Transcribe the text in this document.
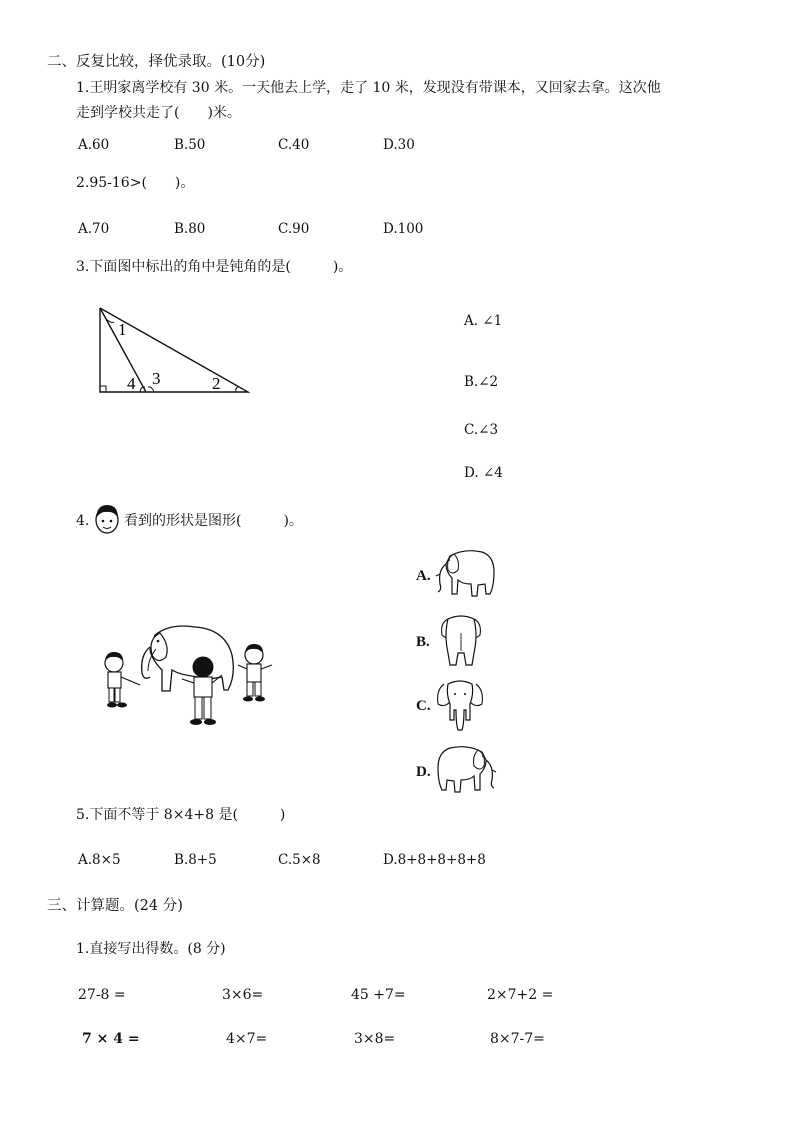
二、反复比较，择优录取。(10分)
1.王明家离学校有 30 米。一天他去上学，走了 10 米，发现没有带课本，又回家去拿。这次他
走到学校共走了(　　)米。
A.60	B.50	C.40	D.30
2.95-16>(　　)。
A.70	B.80	C.90	D.100
3.下面图中标出的角中是钝角的是(　　　)。
1
2
3
4
A. ∠1
B.∠2
C.∠3
D. ∠4
4. 看到的形状是图形(　　　)。
A.
B.
C.
D.
5.下面不等于 8×4+8 是(　　　)
A.8×5	B.8+5	C.5×8	D.8+8+8+8+8
三、计算题。(24 分)
1.直接写出得数。(8 分)
27-8 =	3×6=	45 +7=	2×7+2 =
7 × 4 =	4×7=	3×8=	8×7-7=
